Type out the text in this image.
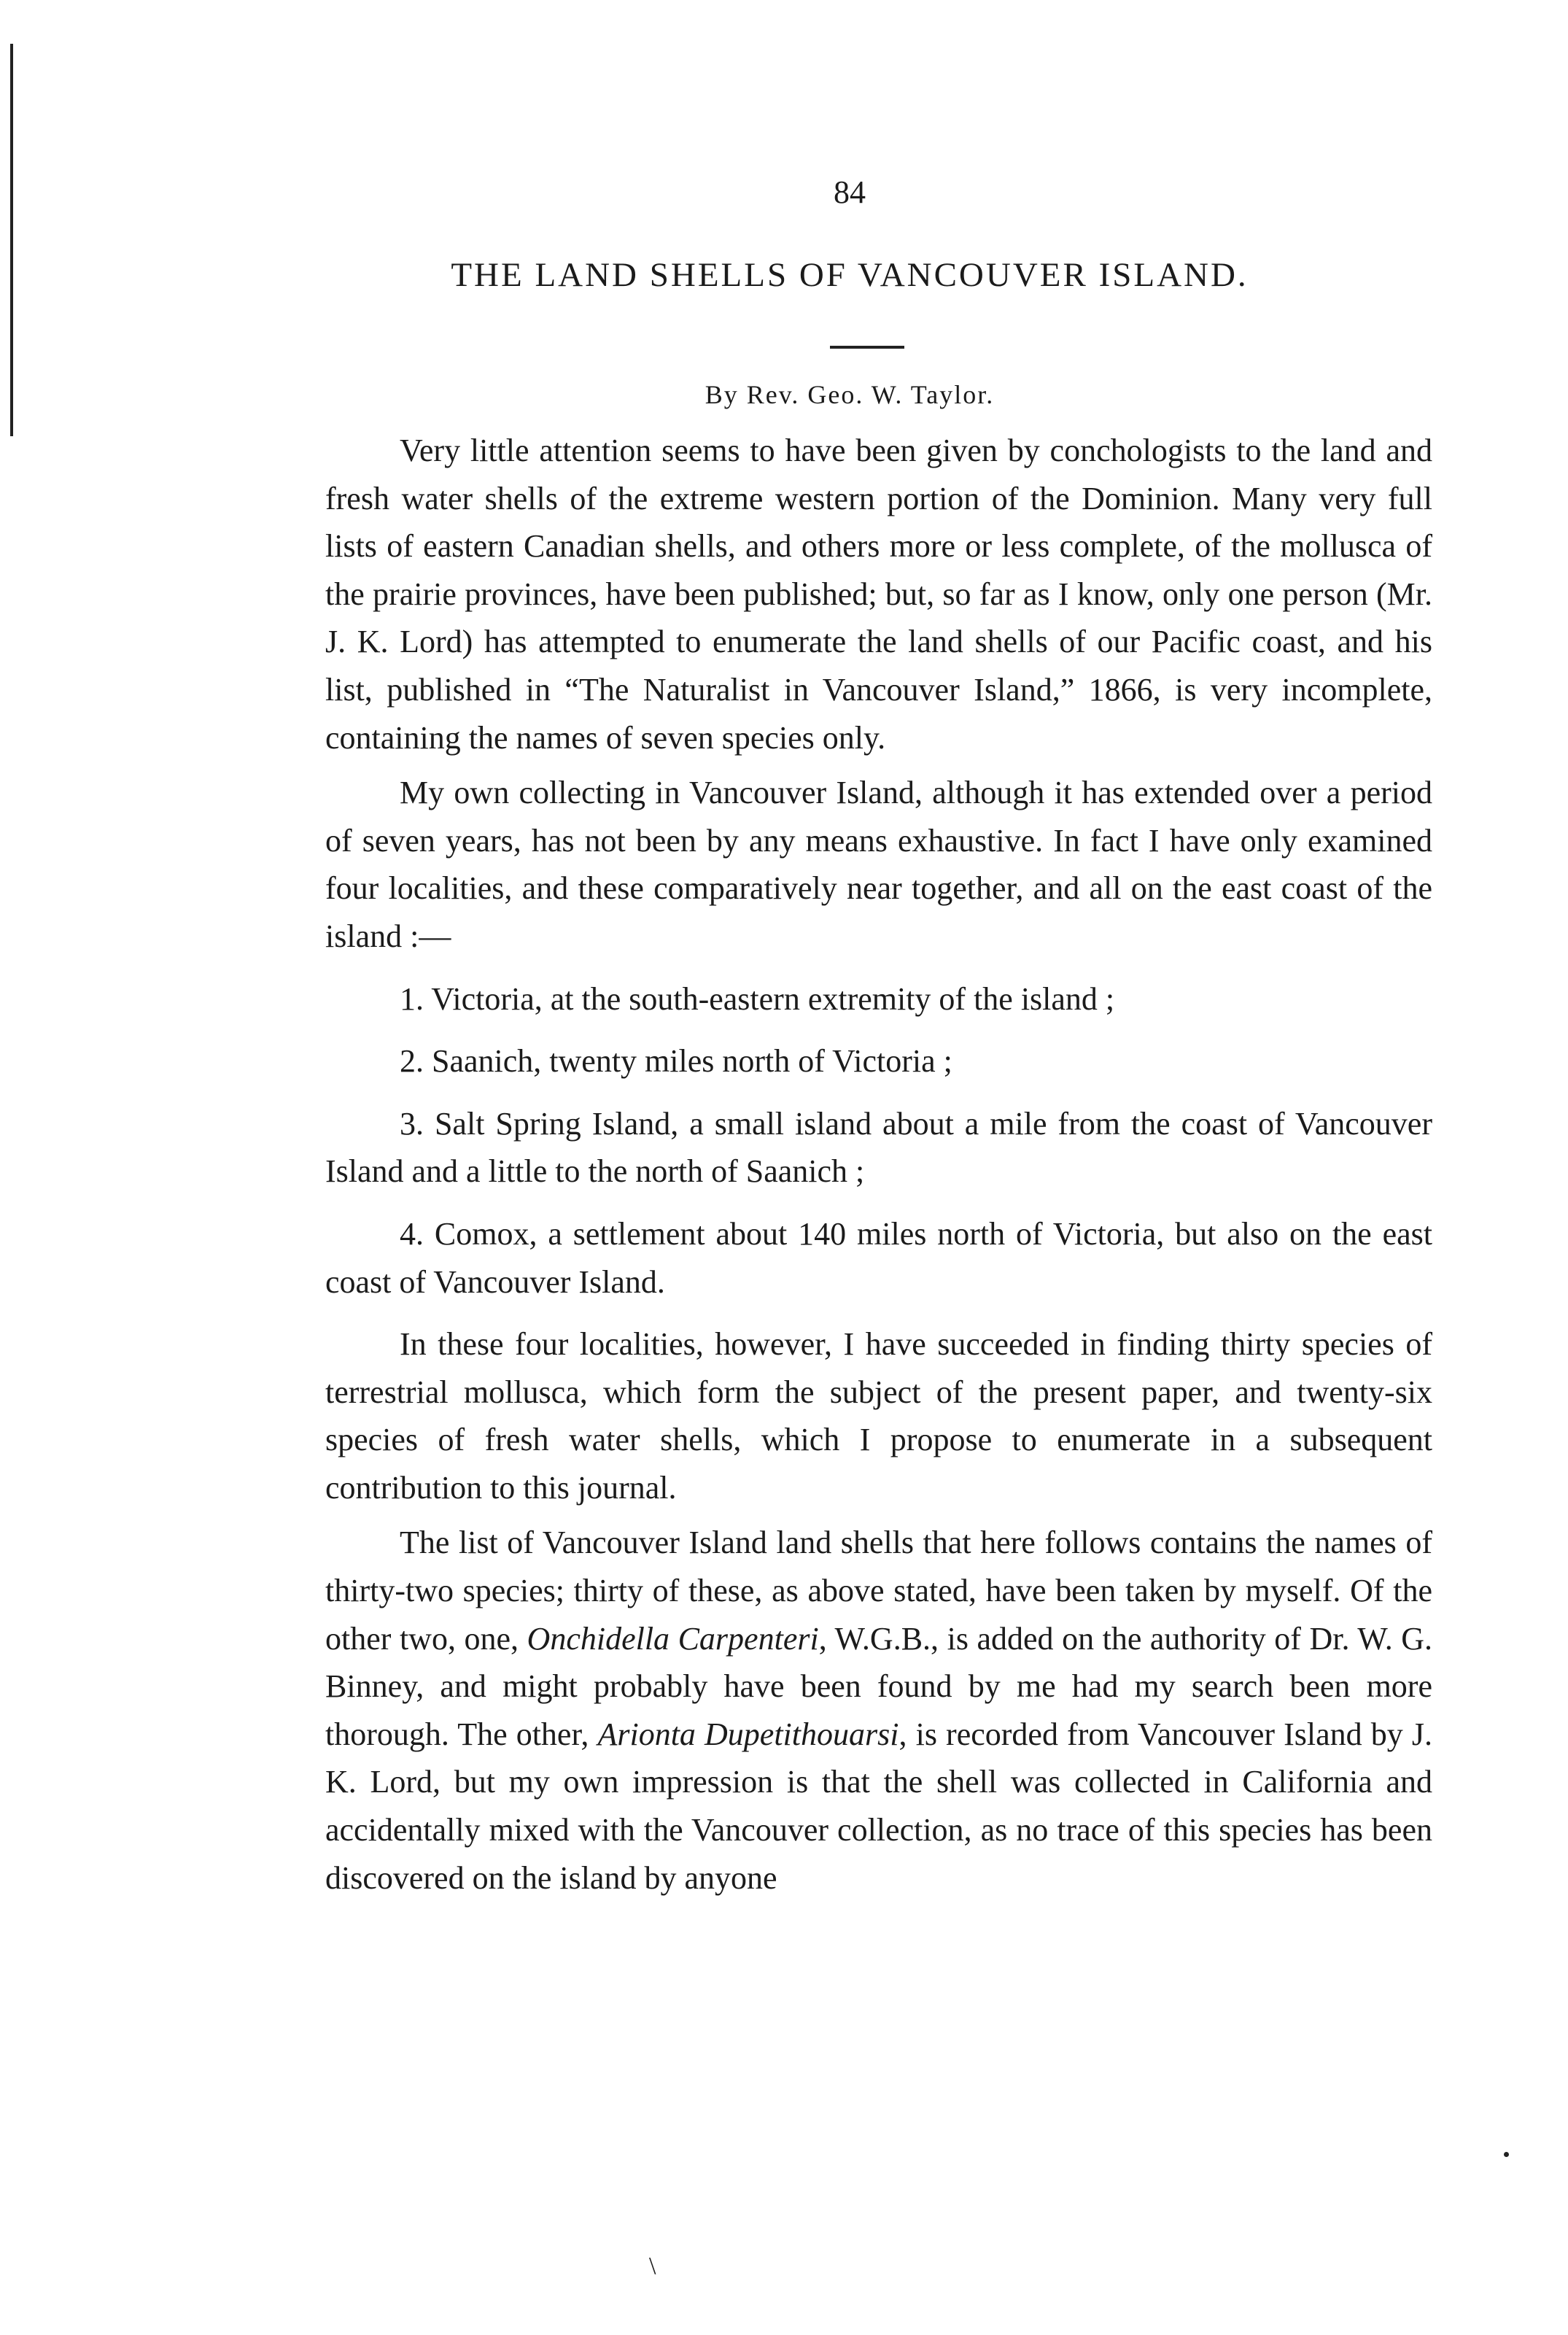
84
THE LAND SHELLS OF VANCOUVER ISLAND.
By Rev. Geo. W. Taylor.

Very little attention seems to have been given by conchologists to the land and fresh water shells of the extreme western portion of the Dominion. Many very full lists of eastern Canadian shells, and others more or less complete, of the mollusca of the prairie provinces, have been published; but, so far as I know, only one person (Mr. J. K. Lord) has attempted to enumerate the land shells of our Pacific coast, and his list, published in “The Naturalist in Vancouver Island,” 1866, is very incomplete, containing the names of seven species only.

My own collecting in Vancouver Island, although it has extended over a period of seven years, has not been by any means exhaustive. In fact I have only examined four localities, and these comparatively near together, and all on the east coast of the island :—

1. Victoria, at the south-eastern extremity of the island ;

2. Saanich, twenty miles north of Victoria ;

3. Salt Spring Island, a small island about a mile from the coast of Vancouver Island and a little to the north of Saanich ;

4. Comox, a settlement about 140 miles north of Victoria, but also on the east coast of Vancouver Island.

In these four localities, however, I have succeeded in finding thirty species of terrestrial mollusca, which form the subject of the present paper, and twenty-six species of fresh water shells, which I propose to enumerate in a subsequent contribution to this journal.

The list of Vancouver Island land shells that here follows contains the names of thirty-two species; thirty of these, as above stated, have been taken by myself. Of the other two, one, Onchidella Carpenteri, W.G.B., is added on the authority of Dr. W. G. Binney, and might probably have been found by me had my search been more thorough. The other, Arionta Dupetithouarsi, is recorded from Vancouver Island by J. K. Lord, but my own impression is that the shell was collected in California and accidentally mixed with the Vancouver collection, as no trace of this species has been discovered on the island by anyone

\
